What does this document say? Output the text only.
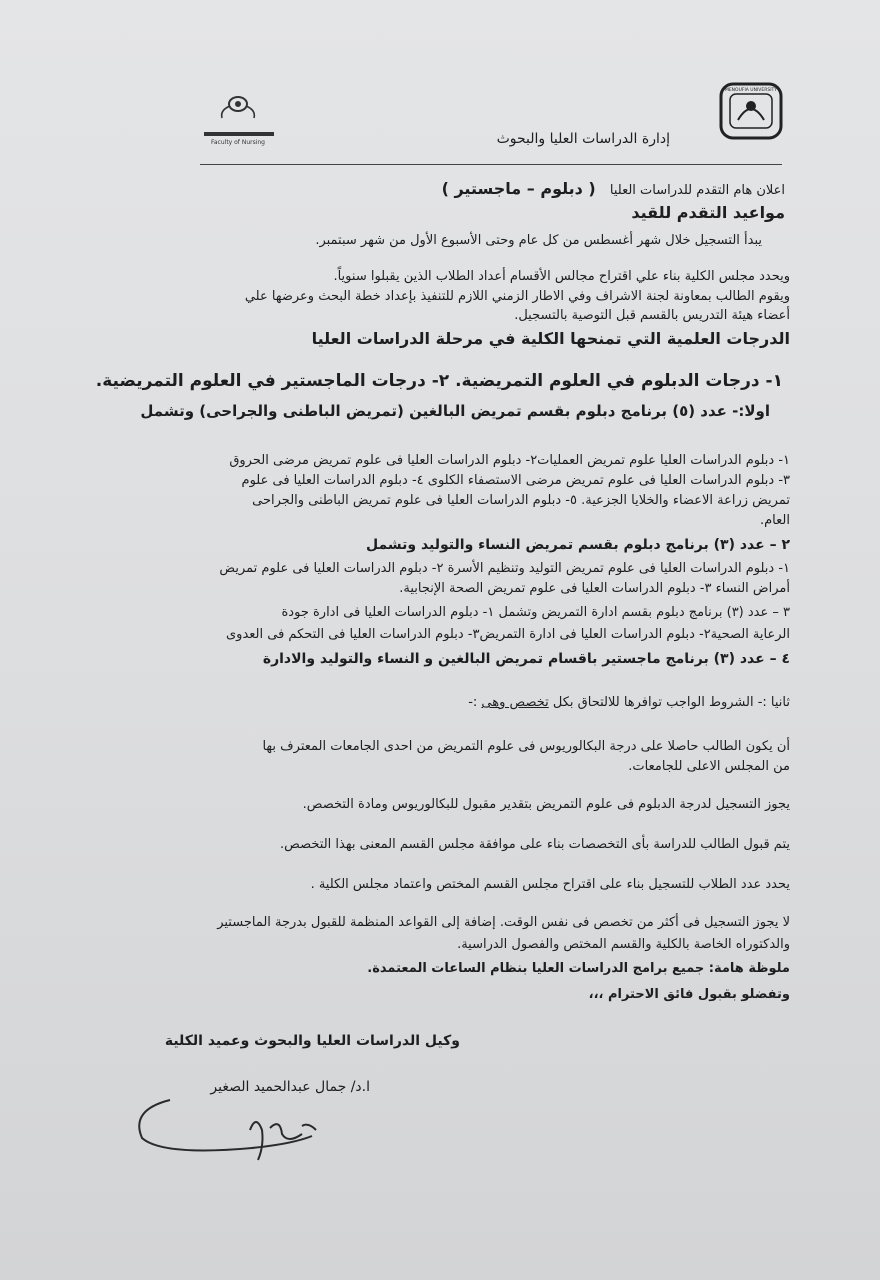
Faculty of Nursing
MENOUFIA UNIVERSITY
إدارة الدراسات العليا والبحوث
اعلان هام التقدم للدراسات العليا ( دبلوم – ماجستير )
مواعيد التقدم للقيد
يبدأ التسجيل خلال شهر أغسطس من كل عام وحتى الأسبوع الأول من شهر سبتمبر.
ويحدد مجلس الكلية بناء علي اقتراح مجالس الأقسام أعداد الطلاب الذين يقبلوا سنوياً.
ويقوم الطالب بمعاونة لجنة الاشراف وفي الاطار الزمني اللازم للتنفيذ بإعداد خطة البحث وعرضها علي
أعضاء هيئة التدريس بالقسم قبل التوصية بالتسجيل.
الدرجات العلمية التي تمنحها الكلية في مرحلة الدراسات العليا
١- درجات الدبلوم في العلوم التمريضية. ٢- درجات الماجستير في العلوم التمريضية.
اولا:- عدد (٥) برنامج دبلوم بقسم تمريض البالغين (تمريض الباطنى والجراحى) وتشمل
١- دبلوم الدراسات العليا علوم تمريض العمليات٢- دبلوم الدراسات العليا فى علوم تمريض مرضى الحروق
٣- دبلوم الدراسات العليا فى علوم تمريض مرضى الاستصفاء الكلوى ٤- دبلوم الدراسات العليا فى علوم
تمريض زراعة الاعضاء والخلايا الجزعية. ٥- دبلوم الدراسات العليا فى علوم تمريض الباطنى والجراحى
العام.
٢ – عدد (٣) برنامج دبلوم بقسم تمريض النساء والتوليد وتشمل
١- دبلوم الدراسات العليا فى علوم تمريض التوليد وتنظيم الأسرة ٢- دبلوم الدراسات العليا فى علوم تمريض
أمراض النساء ٣- دبلوم الدراسات العليا فى علوم تمريض الصحة الإنجابية.
٣ – عدد (٣) برنامج دبلوم بقسم ادارة التمريض وتشمل ١- دبلوم الدراسات العليا فى ادارة جودة
الرعاية الصحية٢- دبلوم الدراسات العليا فى ادارة التمريض٣- دبلوم الدراسات العليا فى التحكم فى العدوى
٤ – عدد (٣) برنامج ماجستير باقسام تمريض البالغين و النساء والتوليد والادارة
ثانيا :- الشروط الواجب توافرها للالتحاق بكل تخصص وهى :-
أن يكون الطالب حاصلا على درجة البكالوريوس فى علوم التمريض من احدى الجامعات المعترف بها
من المجلس الاعلى للجامعات.
يجوز التسجيل لدرجة الدبلوم فى علوم التمريض بتقدير مقبول للبكالوريوس ومادة التخصص.
يتم قبول الطالب للدراسة بأى التخصصات بناء على موافقة مجلس القسم المعنى بهذا التخصص.
يحدد عدد الطلاب للتسجيل بناء على اقتراح مجلس القسم المختص واعتماد مجلس الكلية .
لا يجوز التسجيل فى أكثر من تخصص فى نفس الوقت. إضافة إلى القواعد المنظمة للقبول بدرجة الماجستير
والدكتوراه الخاصة بالكلية والقسم المختص والفصول الدراسية.
ملوظة هامة: جميع برامج الدراسات العليا بنظام الساعات المعتمدة.
وتفضلو بقبول فائق الاحترام ،،،
وكيل الدراسات العليا والبحوث وعميد الكلية
ا.د/ جمال عبدالحميد الصغير
